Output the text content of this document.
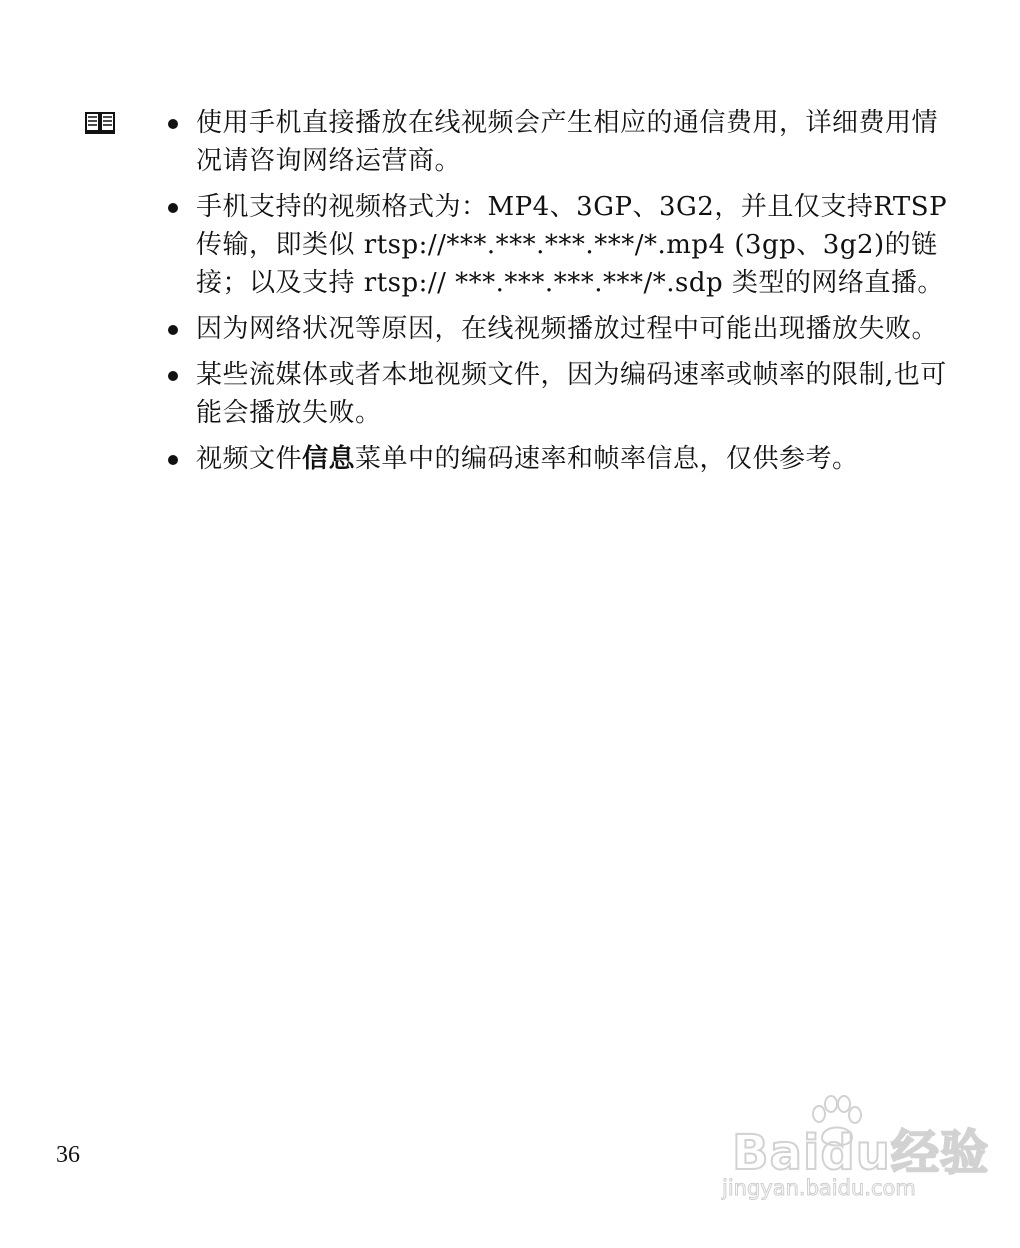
使用手机直接播放在线视频会产生相应的通信费用，详细费用情况请咨询网络运营商。
手机支持的视频格式为：MP4、3GP、3G2，并且仅支持RTSP 传输，即类似 rtsp://***.***.***.***/*.mp4 (3gp、3g2)的链接；以及支持 rtsp:// ***.***.***.***/*.sdp 类型的网络直播。
因为网络状况等原因，在线视频播放过程中可能出现播放失败。
某些流媒体或者本地视频文件，因为编码速率或帧率的限制,也可能会播放失败。
视频文件信息菜单中的编码速率和帧率信息，仅供参考。
36	Baidu经验
jingyan.baidu.com
